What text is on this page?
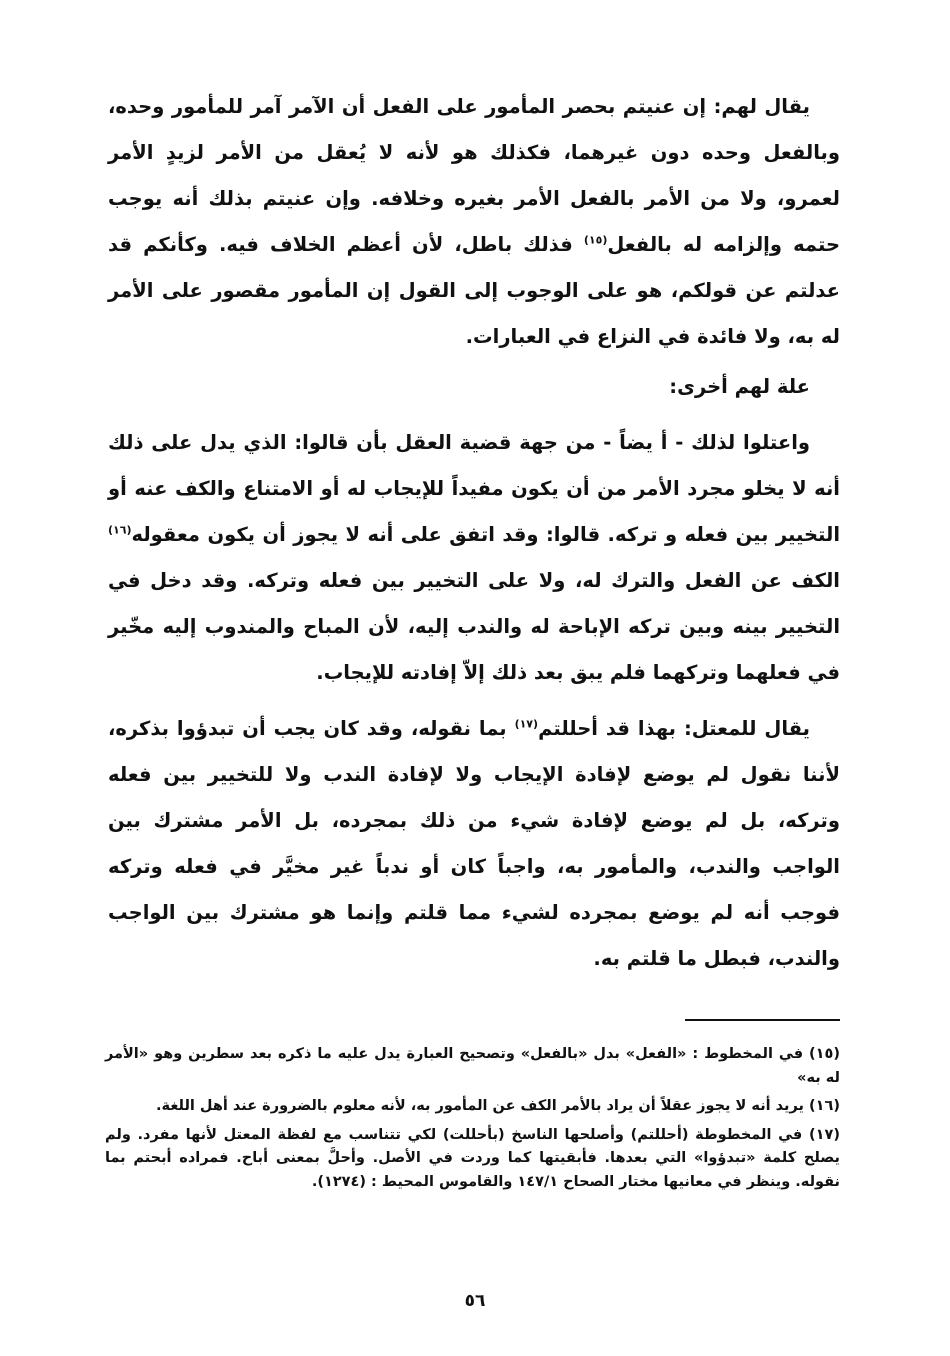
يقال لهم: إن عنيتم بحصر المأمور على الفعل أن الآمر آمر للمأمور وحده، وبالفعل وحده دون غيرهما، فكذلك هو لأنه لا يُعقل من الأمر لزيدٍ الأمر لعمرو، ولا من الأمر بالفعل الأمر بغيره وخلافه. وإن عنيتم بذلك أنه يوجب حتمه وإلزامه له بالفعل$^{(١٥)}$ فذلك باطل، لأن أعظم الخلاف فيه. وكأنكم قد عدلتم عن قولكم، هو على الوجوب إلى القول إن المأمور مقصور على الأمر له به، ولا فائدة في النزاع في العبارات.

علة لهم أخرى:

واعتلوا لذلك - أ يضاً - من جهة قضية العقل بأن قالوا: الذي يدل على ذلك أنه لا يخلو مجرد الأمر من أن يكون مفيداً للإيجاب له أو الامتناع والكف عنه أو التخيير بين فعله و تركه. قالوا: وقد اتفق على أنه لا يجوز أن يكون معقوله$^{(١٦)}$ الكف عن الفعل والترك له، ولا على التخيير بين فعله وتركه. وقد دخل في التخيير بينه وبين تركه الإباحة له والندب إليه، لأن المباح والمندوب إليه مخّير في فعلهما وتركهما فلم يبق بعد ذلك إلاّ إفادته للإيجاب.

يقال للمعتل: بهذا قد أحللتم$^{(١٧)}$ بما نقوله، وقد كان يجب أن تبدؤوا بذكره، لأننا نقول لم يوضع لإفادة الإيجاب ولا لإفادة الندب ولا للتخيير بين فعله وتركه، بل لم يوضع لإفادة شيء من ذلك بمجرده، بل الأمر مشترك بين الواجب والندب، والمأمور به، واجباً كان أو ندباً غير مخيَّر في فعله وتركه فوجب أنه لم يوضع بمجرده لشيء مما قلتم وإنما هو مشترك بين الواجب والندب، فبطل ما قلتم به.

(١٥) في المخطوط : «الفعل» بدل «بالفعل» وتصحيح العبارة يدل عليه ما ذكره بعد سطرين وهو «الأمر له به»

(١٦) يريد أنه لا يجوز عقلاً أن يراد بالأمر الكف عن المأمور به، لأنه معلوم بالضرورة عند أهل اللغة.

(١٧) في المخطوطة (أحللتم) وأصلحها الناسخ (بأحللت) لكي تتناسب مع لفظة المعتل لأنها مفرد. ولم يصلح كلمة «تبدؤوا» التي بعدها. فأبقيتها كما وردت في الأصل. وأحلَّ بمعنى أباح. فمراده أبحتم بما نقوله. وينظر في معانيها مختار الصحاح ١٤٧/١ والقاموس المحيط : (١٢٧٤).

٥٦
